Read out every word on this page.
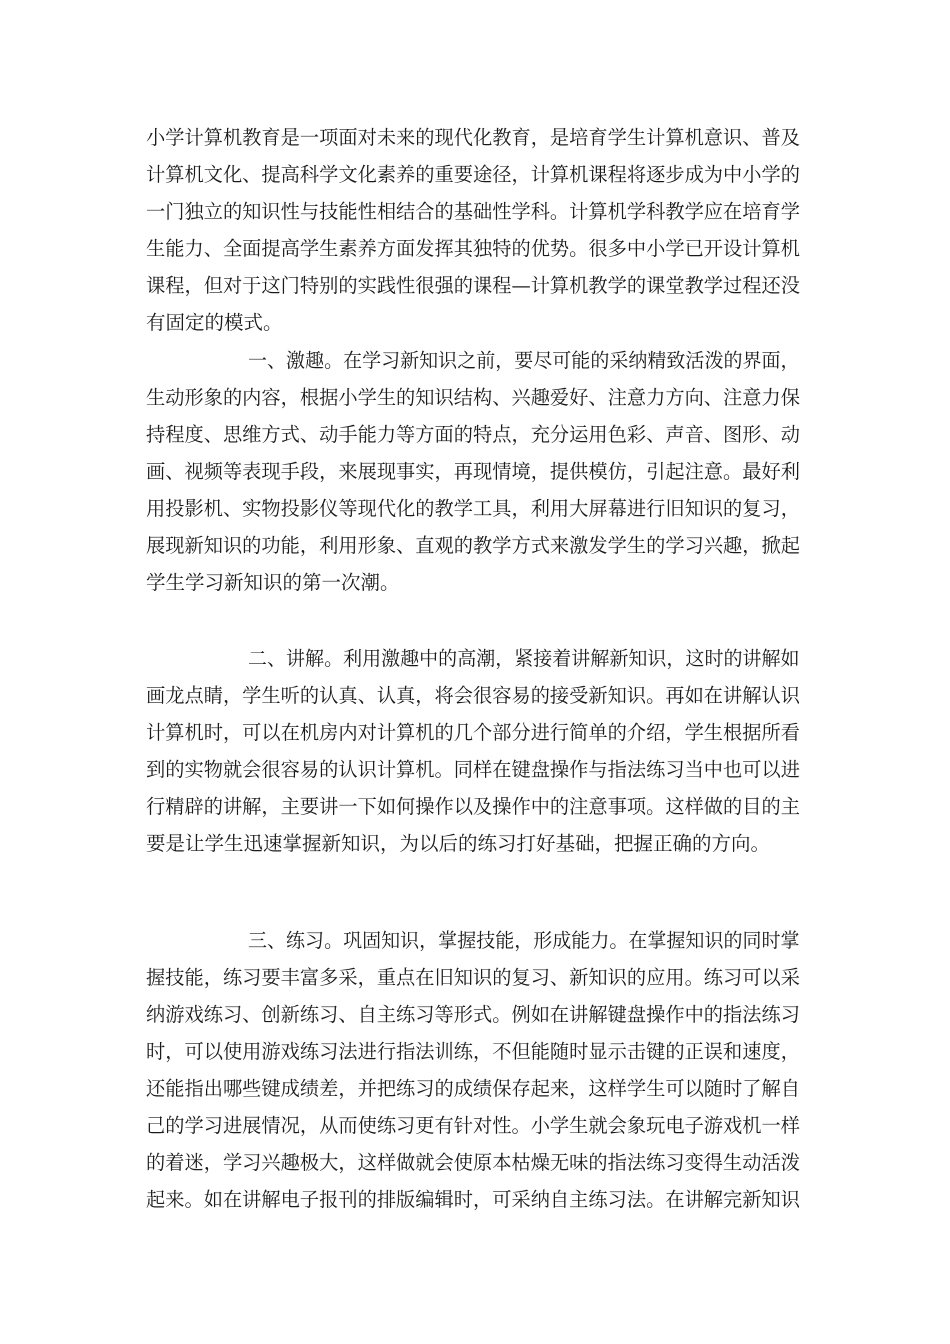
小学计算机教育是一项面对未来的现代化教育，是培育学生计算机意识、普及

计算机文化、提高科学文化素养的重要途径，计算机课程将逐步成为中小学的

一门独立的知识性与技能性相结合的基础性学科。计算机学科教学应在培育学

生能力、全面提高学生素养方面发挥其独特的优势。很多中小学已开设计算机

课程，但对于这门特别的实践性很强的课程—计算机教学的课堂教学过程还没

有固定的模式。

一、激趣。在学习新知识之前，要尽可能的采纳精致活泼的界面，

生动形象的内容，根据小学生的知识结构、兴趣爱好、注意力方向、注意力保

持程度、思维方式、动手能力等方面的特点，充分运用色彩、声音、图形、动

画、视频等表现手段，来展现事实，再现情境，提供模仿，引起注意。最好利

用投影机、实物投影仪等现代化的教学工具，利用大屏幕进行旧知识的复习，

展现新知识的功能，利用形象、直观的教学方式来激发学生的学习兴趣，掀起

学生学习新知识的第一次潮。

二、讲解。利用激趣中的高潮，紧接着讲解新知识，这时的讲解如

画龙点睛，学生听的认真、认真，将会很容易的接受新知识。再如在讲解认识

计算机时，可以在机房内对计算机的几个部分进行简单的介绍，学生根据所看

到的实物就会很容易的认识计算机。同样在键盘操作与指法练习当中也可以进

行精辟的讲解，主要讲一下如何操作以及操作中的注意事项。这样做的目的主

要是让学生迅速掌握新知识，为以后的练习打好基础，把握正确的方向。

三、练习。巩固知识，掌握技能，形成能力。在掌握知识的同时掌

握技能，练习要丰富多采，重点在旧知识的复习、新知识的应用。练习可以采

纳游戏练习、创新练习、自主练习等形式。例如在讲解键盘操作中的指法练习

时，可以使用游戏练习法进行指法训练，不但能随时显示击键的正误和速度，

还能指出哪些键成绩差，并把练习的成绩保存起来，这样学生可以随时了解自

己的学习进展情况，从而使练习更有针对性。小学生就会象玩电子游戏机一样

的着迷，学习兴趣极大，这样做就会使原本枯燥无味的指法练习变得生动活泼

起来。如在讲解电子报刊的排版编辑时，可采纳自主练习法。在讲解完新知识
